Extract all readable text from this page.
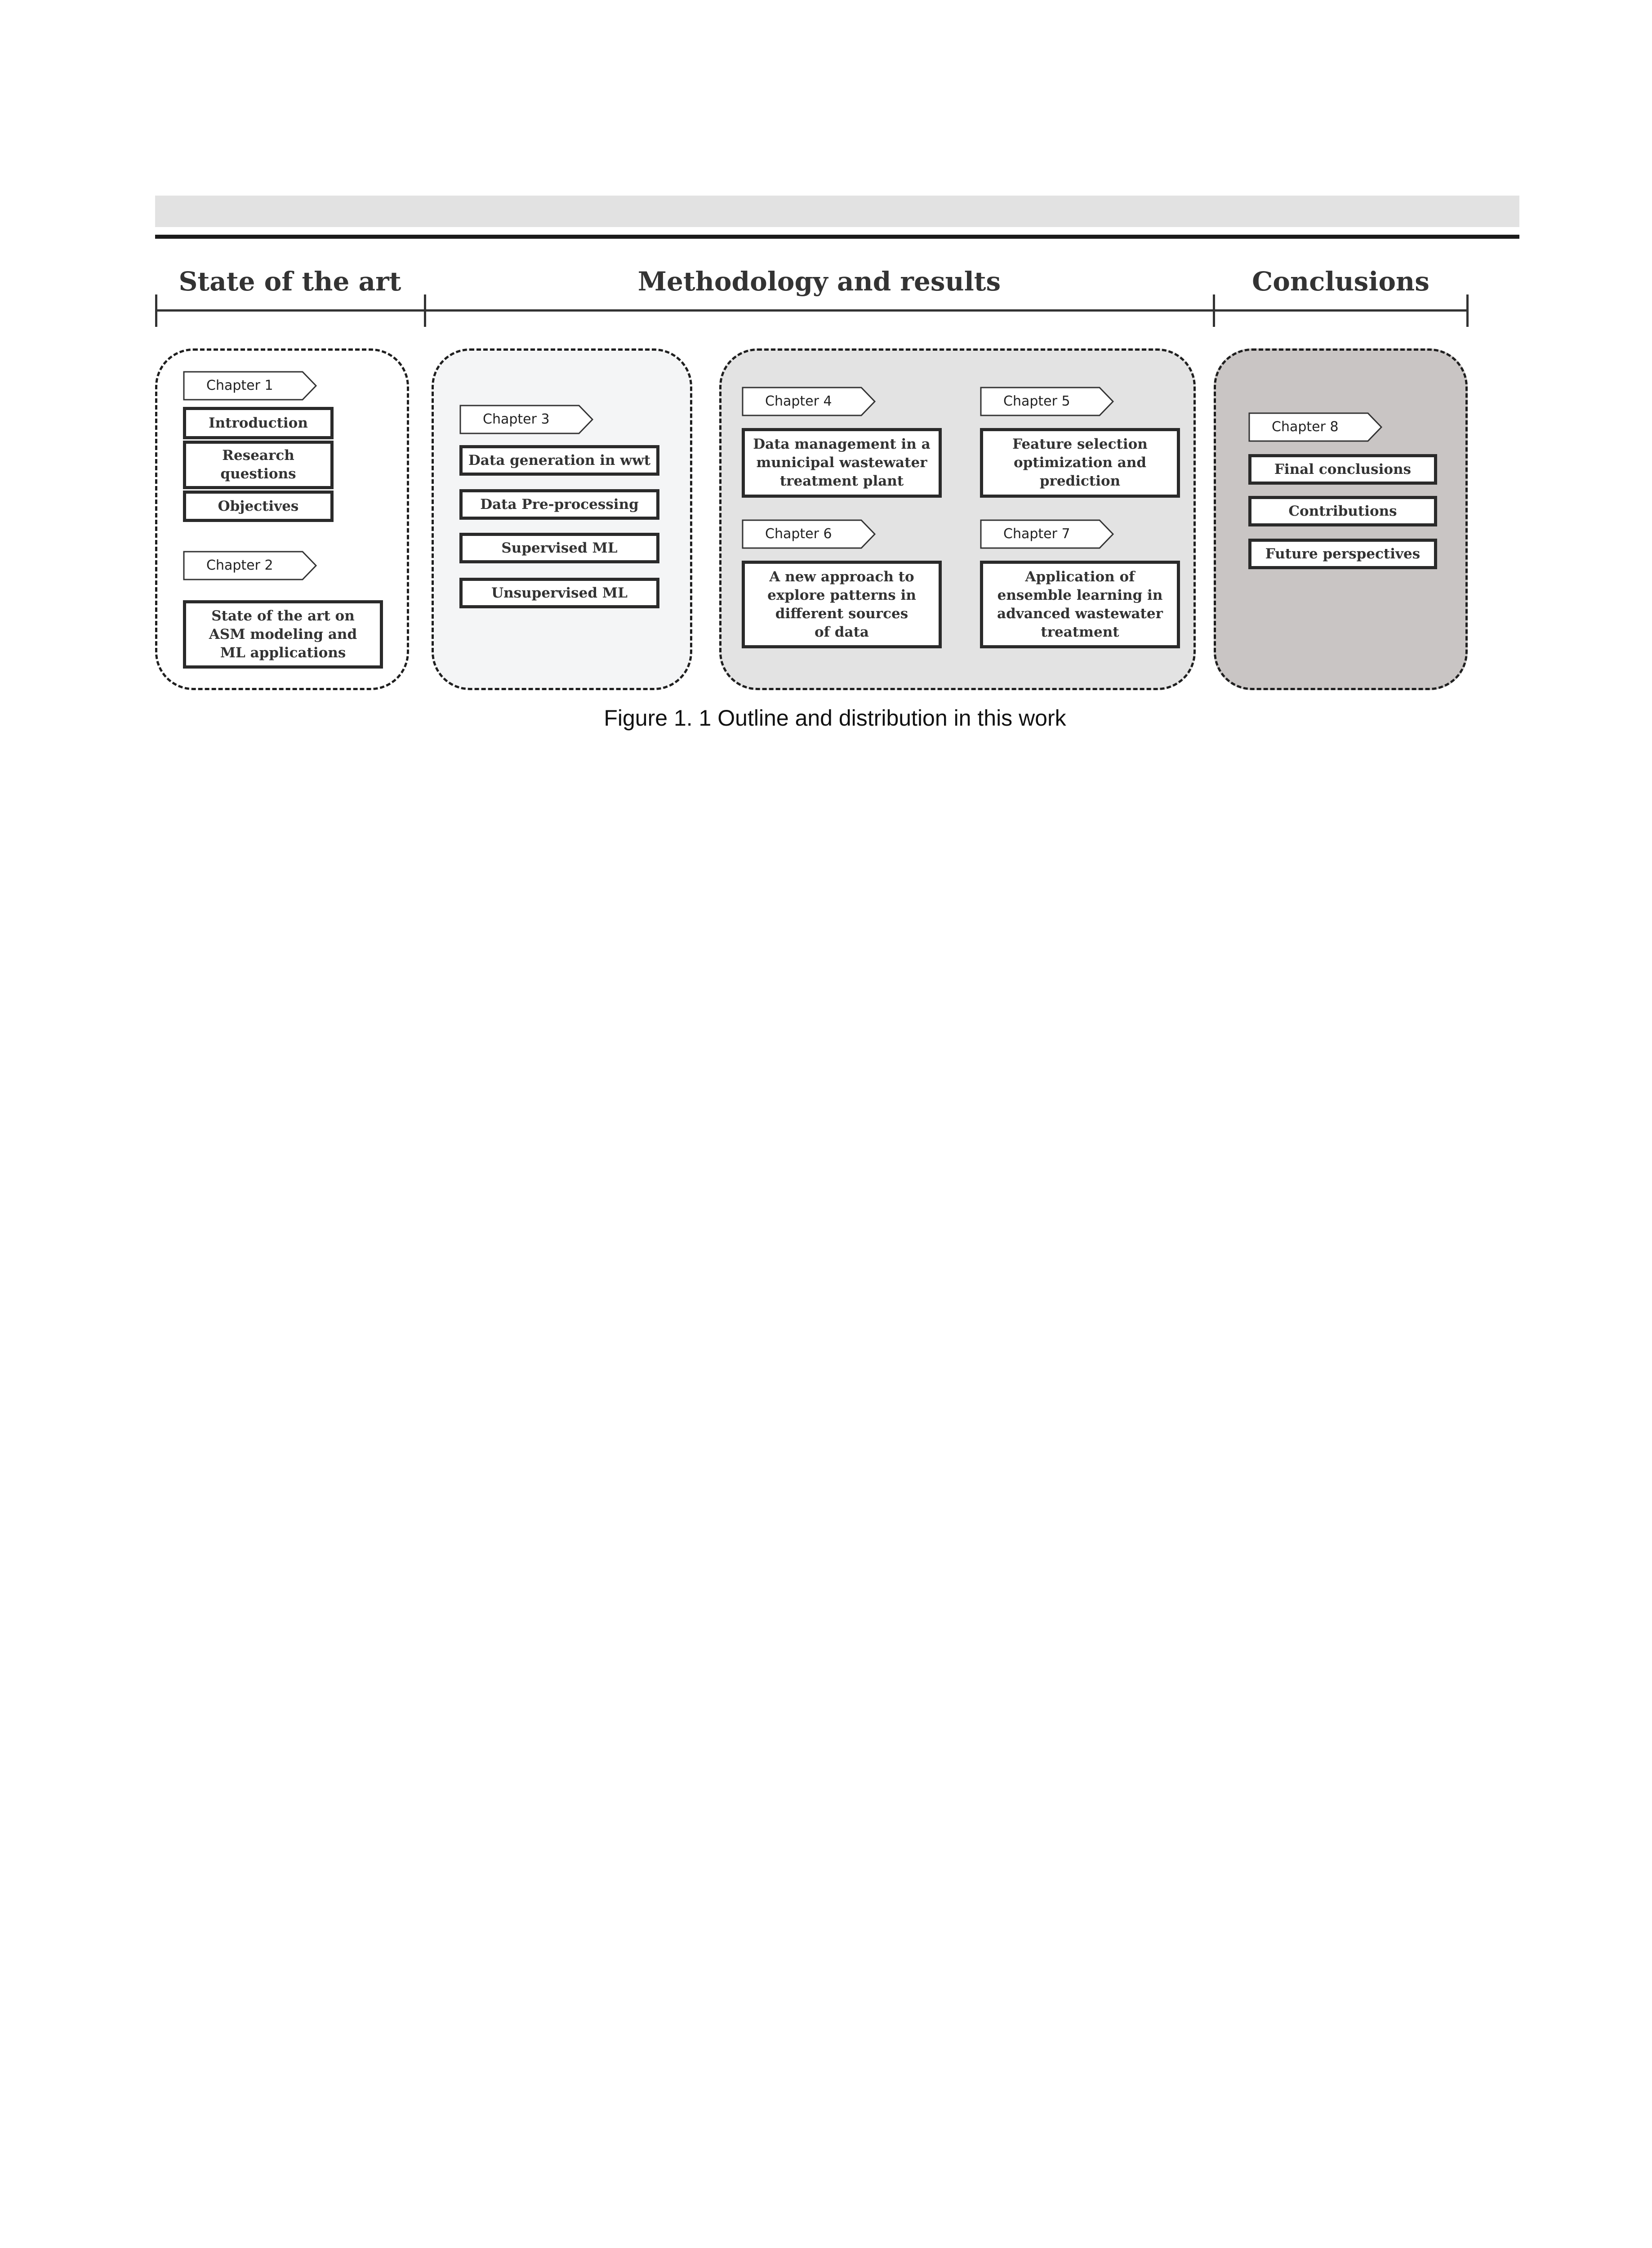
State of the art	Methodology and results	Conclusions
Chapter 1
Introduction
Research questions
Objectives
Chapter 2
State of the art on ASM modeling and ML applications
Chapter 3
Data generation in wwt
Data Pre-processing
Supervised ML
Unsupervised ML
Chapter 4
Data management in a municipal wastewater treatment plant
Chapter 5
Feature selection optimization and prediction
Chapter 6
A new approach to explore patterns in different sources of data
Chapter 7
Application of ensemble learning in advanced wastewater treatment
Chapter 8
Final conclusions
Contributions
Future perspectives
Figure 1. 1 Outline and distribution in this work
